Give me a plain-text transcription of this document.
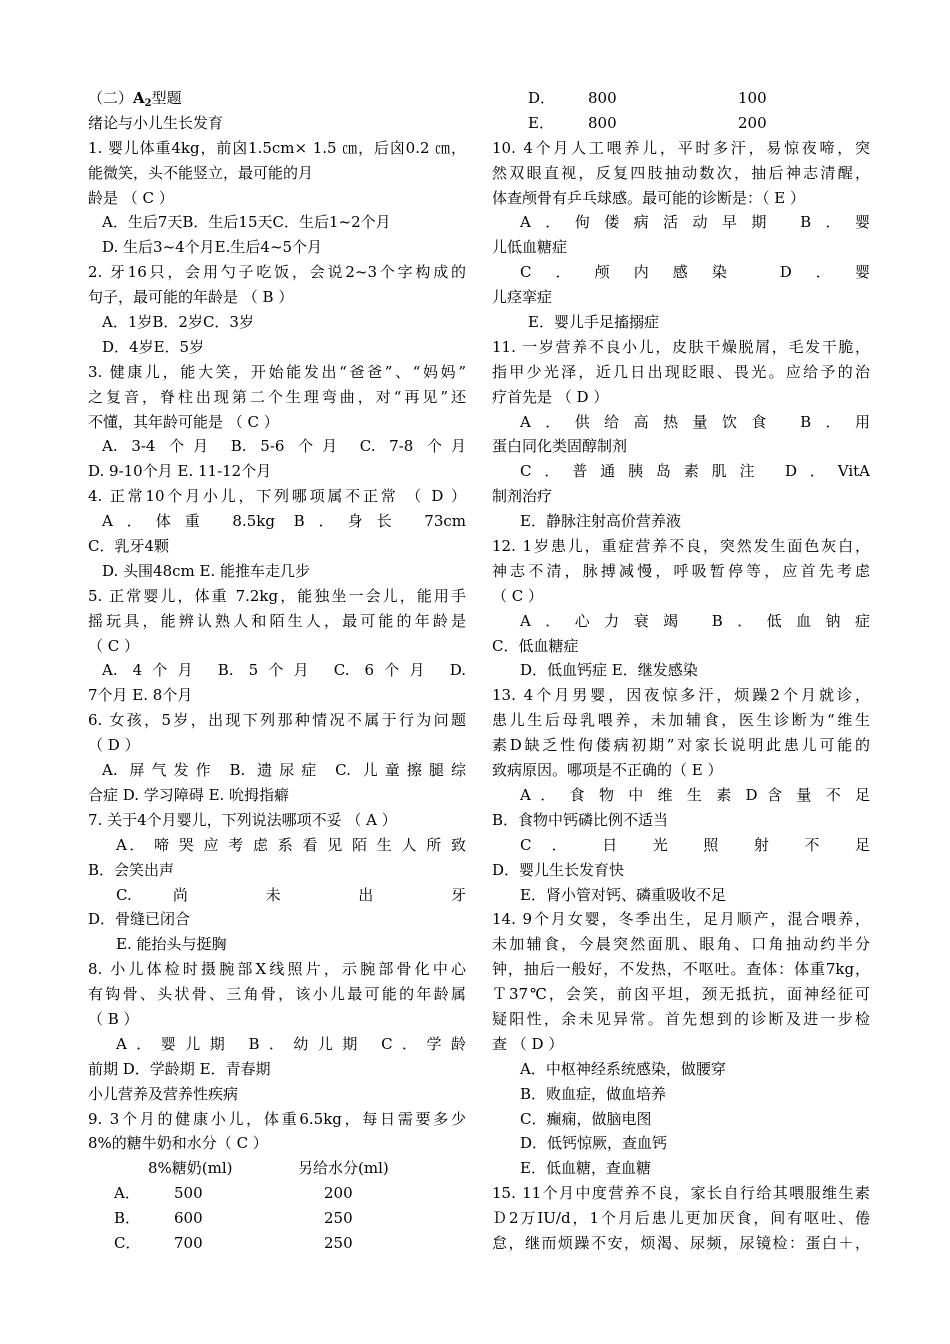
（二）$A_2$型题
绪论与小儿生长发育
1. 婴儿体重4kg，前囟1.5cm× 1.5 ㎝，后囟0.2 ㎝，
能微笑，头不能竖立，最可能的月
龄是 （ C ）
A．生后7天B．生后15天C．生后1~2个月
D. 生后3~4个月E.生后4~5个月
2. 牙16只，会用勺子吃饭，会说2~3个字构成的
句子，最可能的年龄是 （ B ）
A．1岁B．2岁C．3岁
D．4岁E．5岁
3. 健康儿，能大笑，开始能发出“爸爸”、“妈妈”
之复音，脊柱出现第二个生理弯曲，对“再见”还
不懂，其年龄可能是 （ C ）
A. 3-4 个月 B. 5-6 个月 C. 7-8 个月
D. 9-10个月 E. 11-12个月
4. 正常10个月小儿，下列哪项属不正常 （ D ）
A．体重 8.5kg B．身长 73cm
C．乳牙4颗
D. 头围48cm E. 能推车走几步
5. 正常婴儿，体重 7.2kg，能独坐一会儿，能用手
摇玩具，能辨认熟人和陌生人，最可能的年龄是
（ C ）
A. 4个月 B. 5个月 C. 6个月 D.
7个月 E. 8个月
6. 女孩，5岁，出现下列那种情况不属于行为问题
（ D ）
A. 屏气发作 B. 遗尿症 C. 儿童擦腿综
合症 D. 学习障碍 E. 吮拇指癖
7. 关于4个月婴儿，下列说法哪项不妥 （ A ）
A． 啼 哭 应 考 虑 系 看 见 陌 生 人 所 致
B．会笑出声
C. 尚 未 出 牙
D．骨缝已闭合
E. 能抬头与挺胸
8. 小儿体检时摄腕部X线照片，示腕部骨化中心
有钩骨、头状骨、三角骨，该小儿最可能的年龄属
（ B ）
A．婴儿期 B．幼儿期 C．学龄
前期 D．学龄期 E．青春期
小儿营养及营养性疾病
9. 3个月的健康小儿，体重6.5kg，每日需要多少
8%的糖牛奶和水分（ C ）
8%糖奶(ml)	另给水分(ml)
A．	500	200
B．	600	250
C．	700	250
D．	800	100
E．	800	200
10. 4个月人工喂养儿，平时多汗，易惊夜啼，突
然双眼直视，反复四肢抽动数次，抽后神志清醒，
体查颅骨有乒乓球感。最可能的诊断是：（ E ）
A．佝偻病活动早期 B．婴
儿低血糖症
C．颅内感染 D．婴
儿痉挛症
E．婴儿手足搐搦症
11. 一岁营养不良小儿，皮肤干燥脱屑，毛发干脆，
指甲少光泽，近几日出现眨眼、畏光。应给予的治
疗首先是 （ D ）
A．供给高热量饮食 B．用
蛋白同化类固醇制剂
C．普通胰岛素肌注 D．VitA
制剂治疗
E．静脉注射高价营养液
12. 1岁患儿，重症营养不良，突然发生面色灰白，
神志不清，脉搏减慢，呼吸暂停等，应首先考虑
（ C ）
A．心力衰竭 B．低血钠症
C．低血糖症
D．低血钙症 E．继发感染
13. 4个月男婴，因夜惊多汗，烦躁2个月就诊，
患儿生后母乳喂养，未加辅食，医生诊断为“维生
素D缺乏性佝偻病初期”对家长说明此患儿可能的
致病原因。哪项是不正确的（ E ）
A ． 食 物 中 维 生 素 D 含 量 不 足
B．食物中钙磷比例不适当
C ． 日 光 照 射 不 足
D．婴儿生长发育快
E．肾小管对钙、磷重吸收不足
14. 9个月女婴，冬季出生，足月顺产，混合喂养，
未加辅食，今晨突然面肌、眼角、口角抽动约半分
钟，抽后一般好，不发热，不呕吐。查体：体重7kg，
Ｔ37℃，会笑，前囟平坦，颈无抵抗，面神经征可
疑阳性，余未见异常。首先想到的诊断及进一步检
查 （ D ）
A．中枢神经系统感染，做腰穿
B．败血症，做血培养
C．癫痫，做脑电图
D．低钙惊厥，查血钙
E．低血糖，查血糖
15. 11个月中度营养不良，家长自行给其喂服维生素
Ｄ2万IU/d，1个月后患儿更加厌食，间有呕吐、倦
怠，继而烦躁不安，烦渴、尿频，尿镜检：蛋白＋，
